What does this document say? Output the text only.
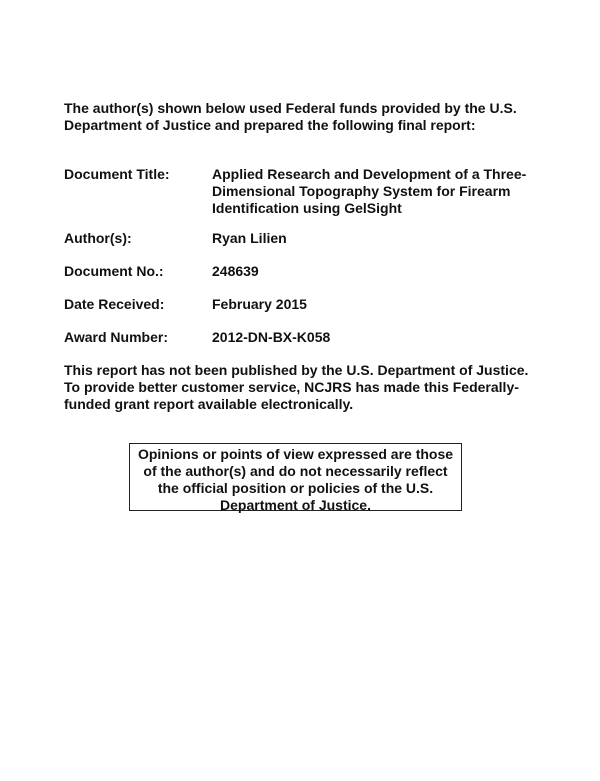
The author(s) shown below used Federal funds provided by the U.S.

Department of Justice and prepared the following final report:

Document Title:	Applied Research and Development of a Three-
Dimensional Topography System for Firearm
Identification using GelSight
Author(s):	Ryan Lilien
Document No.:	248639
Date Received:	February 2015
Award Number:	2012-DN-BX-K058
This report has not been published by the U.S. Department of Justice.
To provide better customer service, NCJRS has made this Federally-
funded grant report available electronically.
Opinions or points of view expressed are those
of the author(s) and do not necessarily reflect
the official position or policies of the U.S.
Department of Justice.
